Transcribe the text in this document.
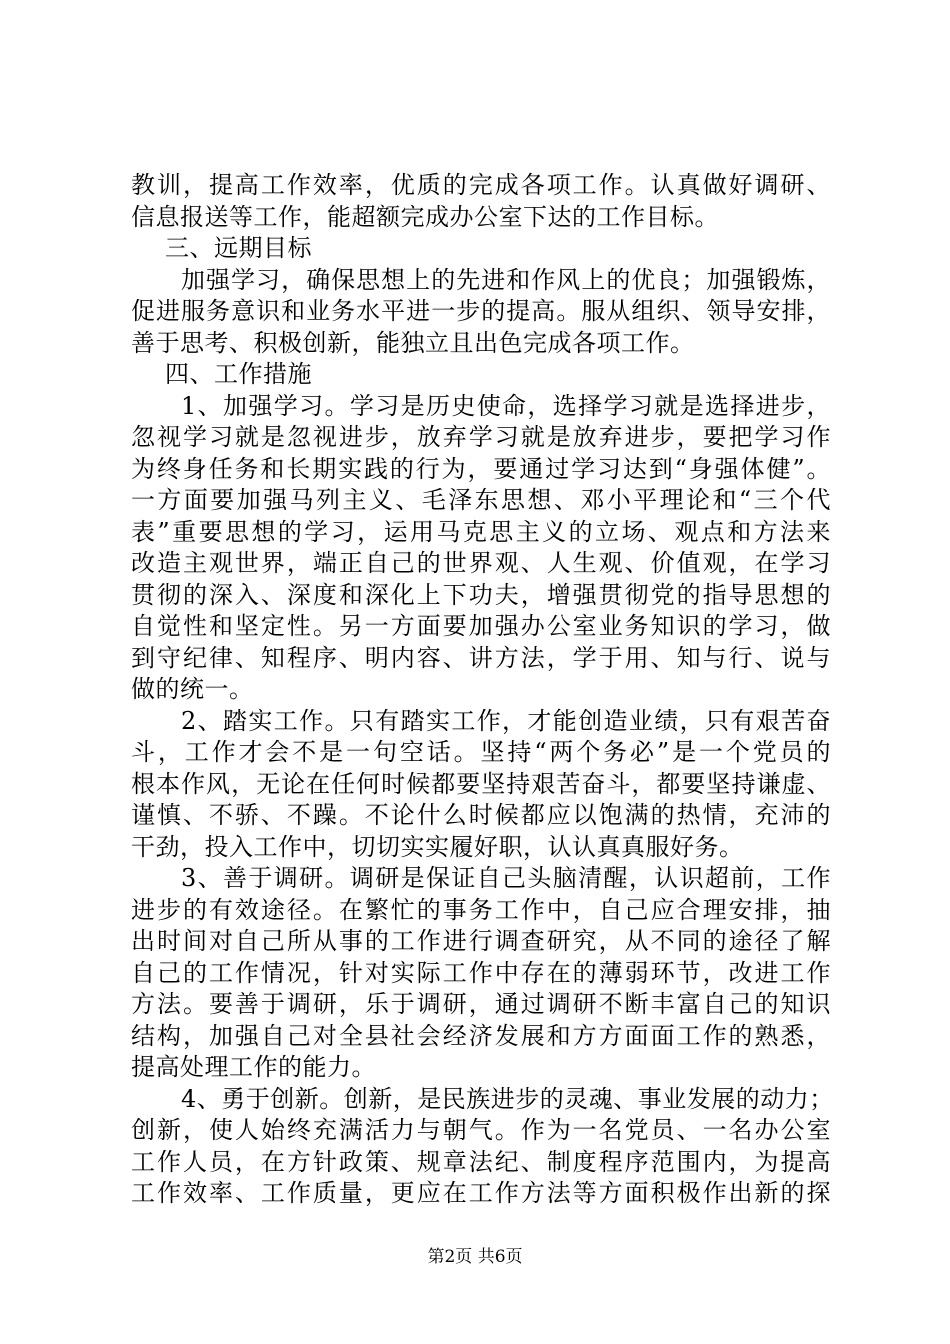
教训，提高工作效率，优质的完成各项工作。认真做好调研、
信息报送等工作，能超额完成办公室下达的工作目标。
三、远期目标
加强学习，确保思想上的先进和作风上的优良；加强锻炼，
促进服务意识和业务水平进一步的提高。服从组织、领导安排，
善于思考、积极创新，能独立且出色完成各项工作。
四、工作措施
1、加强学习。学习是历史使命，选择学习就是选择进步，
忽视学习就是忽视进步，放弃学习就是放弃进步，要把学习作
为终身任务和长期实践的行为，要通过学习达到“身强体健”。
一方面要加强马列主义、毛泽东思想、邓小平理论和“三个代
表”重要思想的学习，运用马克思主义的立场、观点和方法来
改造主观世界，端正自己的世界观、人生观、价值观，在学习
贯彻的深入、深度和深化上下功夫，增强贯彻党的指导思想的
自觉性和坚定性。另一方面要加强办公室业务知识的学习，做
到守纪律、知程序、明内容、讲方法，学于用、知与行、说与
做的统一。
2、踏实工作。只有踏实工作，才能创造业绩，只有艰苦奋
斗，工作才会不是一句空话。坚持“两个务必”是一个党员的
根本作风，无论在任何时候都要坚持艰苦奋斗，都要坚持谦虚、
谨慎、不骄、不躁。不论什么时候都应以饱满的热情，充沛的
干劲，投入工作中，切切实实履好职，认认真真服好务。
3、善于调研。调研是保证自己头脑清醒，认识超前，工作
进步的有效途径。在繁忙的事务工作中，自己应合理安排，抽
出时间对自己所从事的工作进行调查研究，从不同的途径了解
自己的工作情况，针对实际工作中存在的薄弱环节，改进工作
方法。要善于调研，乐于调研，通过调研不断丰富自己的知识
结构，加强自己对全县社会经济发展和方方面面工作的熟悉，
提高处理工作的能力。
4、勇于创新。创新，是民族进步的灵魂、事业发展的动力；
创新，使人始终充满活力与朝气。作为一名党员、一名办公室
工作人员，在方针政策、规章法纪、制度程序范围内，为提高
工作效率、工作质量，更应在工作方法等方面积极作出新的探
第2页 共6页
